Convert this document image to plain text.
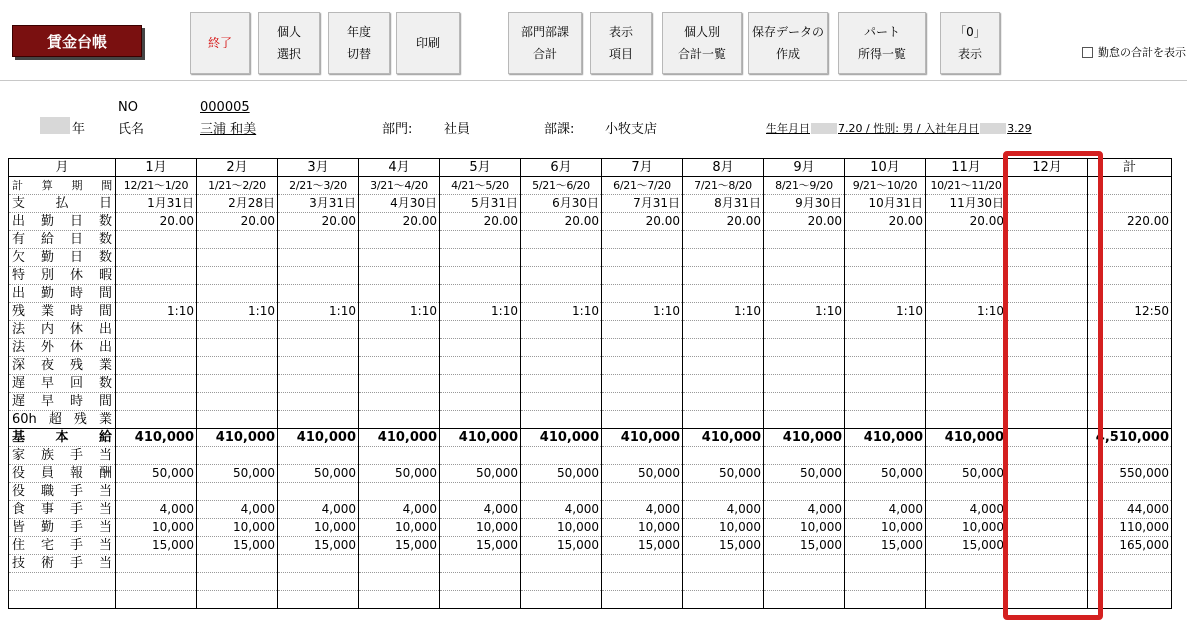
賃金台帳	終了
個人
選択
年度
切替
印刷
部門部課
合計
表示
項目
個人別
合計一覧
保存データの
作成
パート
所得一覧
「0」
表示	勤怠の合計を表示
NO	000005
年	氏名	三浦 和美	部門: 社員	部課: 小牧支店	生年月日	7.20 / 性別: 男 / 入社年月日	3.29
月	1月	2月	3月	4月	5月	6月	7月	8月	9月	10月	11月	12月	計
計算期間	12/21〜1/20	1/21〜2/20	2/21〜3/20	3/21〜4/20	4/21〜5/20	5/21〜6/20	6/21〜7/20	7/21〜8/20	8/21〜9/20	9/21〜10/20	10/21〜11/20		
支払日	1月31日	2月28日	3月31日	4月30日	5月31日	6月30日	7月31日	8月31日	9月30日	10月31日	11月30日		
出勤日数	20.00	20.00	20.00	20.00	20.00	20.00	20.00	20.00	20.00	20.00	20.00		220.00
有給日数													
欠勤日数													
特別休暇													
出勤時間													
残業時間	1:10	1:10	1:10	1:10	1:10	1:10	1:10	1:10	1:10	1:10	1:10		12:50
法内休出													
法外休出													
深夜残業													
遅早回数													
遅早時間													
60h超残業													
基本給	410,000	410,000	410,000	410,000	410,000	410,000	410,000	410,000	410,000	410,000	410,000		4,510,000
家族手当													
役員報酬	50,000	50,000	50,000	50,000	50,000	50,000	50,000	50,000	50,000	50,000	50,000		550,000
役職手当													
食事手当	4,000	4,000	4,000	4,000	4,000	4,000	4,000	4,000	4,000	4,000	4,000		44,000
皆勤手当	10,000	10,000	10,000	10,000	10,000	10,000	10,000	10,000	10,000	10,000	10,000		110,000
住宅手当	15,000	15,000	15,000	15,000	15,000	15,000	15,000	15,000	15,000	15,000	15,000		165,000
技術手当													
